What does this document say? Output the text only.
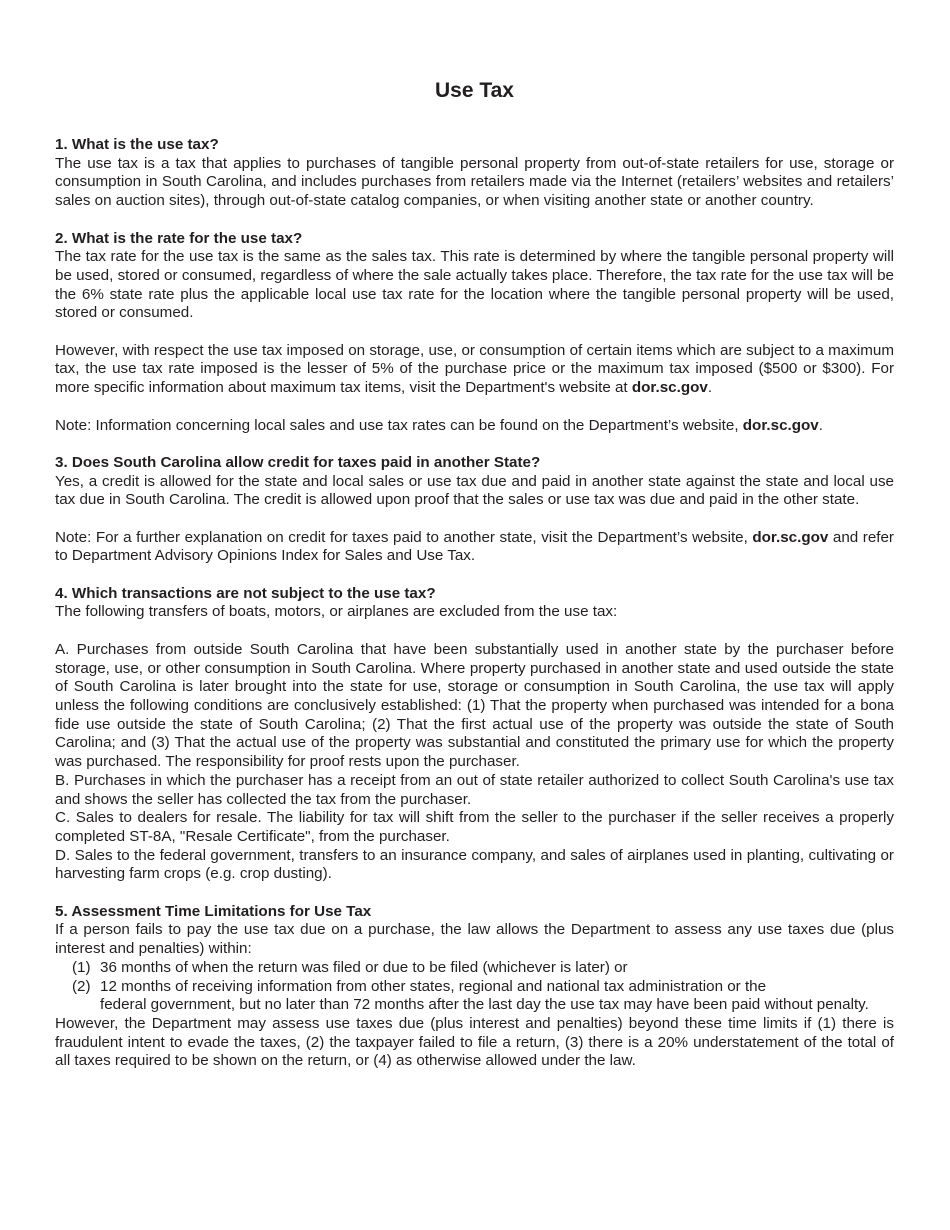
Use Tax
1. What is the use tax?

The use tax is a tax that applies to purchases of tangible personal property from out-of-state retailers for use, storage or consumption in South Carolina, and includes purchases from retailers made via the Internet (retailers’ websites and retailers’ sales on auction sites), through out-of-state catalog companies, or when visiting another state or another country.

2. What is the rate for the use tax?

The tax rate for the use tax is the same as the sales tax. This rate is determined by where the tangible personal property will be used, stored or consumed, regardless of where the sale actually takes place. Therefore, the tax rate for the use tax will be the 6% state rate plus the applicable local use tax rate for the location where the tangible personal property will be used, stored or consumed.

However, with respect the use tax imposed on storage, use, or consumption of certain items which are subject to a maximum tax, the use tax rate imposed is the lesser of 5% of the purchase price or the maximum tax imposed ($500 or $300). For more specific information about maximum tax items, visit the Department's website at dor.sc.gov.

Note: Information concerning local sales and use tax rates can be found on the Department’s website, dor.sc.gov.

3. Does South Carolina allow credit for taxes paid in another State?

Yes, a credit is allowed for the state and local sales or use tax due and paid in another state against the state and local use tax due in South Carolina. The credit is allowed upon proof that the sales or use tax was due and paid in the other state.

Note: For a further explanation on credit for taxes paid to another state, visit the Department’s website, dor.sc.gov and refer to Department Advisory Opinions Index for Sales and Use Tax.

4. Which transactions are not subject to the use tax?

The following transfers of boats, motors, or airplanes are excluded from the use tax:

A. Purchases from outside South Carolina that have been substantially used in another state by the purchaser before storage, use, or other consumption in South Carolina. Where property purchased in another state and used outside the state of South Carolina is later brought into the state for use, storage or consumption in South Carolina, the use tax will apply unless the following conditions are conclusively established: (1) That the property when purchased was intended for a bona fide use outside the state of South Carolina; (2) That the first actual use of the property was outside the state of South Carolina; and (3) That the actual use of the property was substantial and constituted the primary use for which the property was purchased. The responsibility for proof rests upon the purchaser.

B. Purchases in which the purchaser has a receipt from an out of state retailer authorized to collect South Carolina's use tax and shows the seller has collected the tax from the purchaser.

C. Sales to dealers for resale. The liability for tax will shift from the seller to the purchaser if the seller receives a properly completed ST-8A, "Resale Certificate", from the purchaser.

D. Sales to the federal government, transfers to an insurance company, and sales of airplanes used in planting, cultivating or harvesting farm crops (e.g. crop dusting).

5. Assessment Time Limitations for Use Tax

If a person fails to pay the use tax due on a purchase, the law allows the Department to assess any use taxes due (plus interest and penalties) within:

(1) 36 months of when the return was filed or due to be filed (whichever is later) or
(2) 12 months of receiving information from other states, regional and national tax administration or the
federal government, but no later than 72 months after the last day the use tax may have been paid without penalty.

However, the Department may assess use taxes due (plus interest and penalties) beyond these time limits if (1) there is fraudulent intent to evade the taxes, (2) the taxpayer failed to file a return, (3) there is a 20% understatement of the total of all taxes required to be shown on the return, or (4) as otherwise allowed under the law.
